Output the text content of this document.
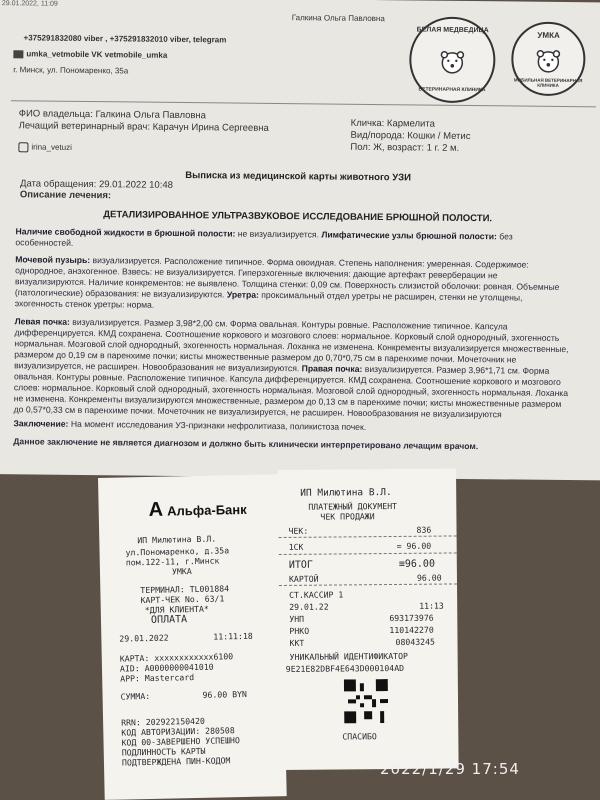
29.01.2022, 11:09
Галкина Ольга Павловна
+375291832080 viber , +375291832010 viber, telegram
umka_vetmobile VK vetmobile_umka
г. Минск, ул. Пономаренко, 35а
БЕЛАЯ МЕДВЕДИЦА
ВЕТЕРИНАРНАЯ КЛИНИКА
УМКА
МОБИЛЬНАЯ ВЕТЕРИНАРНАЯ КЛИНИКА
ФИО владельца: Галкина Ольга Павловна
Лечащий ветеринарный врач: Карачун Ирина Сергеевна	Кличка: Кармелита
Вид/порода: Кошки / Метис
Пол: Ж, возраст: 1 г. 2 м.
irina_vetuzi
Выписка из медицинской карты животного УЗИ
Дата обращения: 29.01.2022 10:48
Описание лечения:
ДЕТАЛИЗИРОВАННОЕ УЛЬТРАЗВУКОВОЕ ИССЛЕДОВАНИЕ БРЮШНОЙ ПОЛОСТИ.
Наличие свободной жидкости в брюшной полости: не визуализируется. Лимфатические узлы брюшной полости: без особенностей.
Мочевой пузырь: визуализируется. Расположение типичное. Форма овоидная. Степень наполнения: умеренная. Содержимое: однородное, анэхогенное. Взвесь: не визуализируется. Гиперэхогенные включения: дающие артефакт реверберации не визуализируются. Наличие конкрементов: не выявлено. Толщина стенки: 0,09 см. Поверхность слизистой оболочки: ровная. Объемные (патологические) образования: не визуализируются. Уретра: проксимальный отдел уретры не расширен, стенки не утолщены, эхогенность стенок уретры: норма.
Левая почка: визуализируется. Размер 3,98*2,00 см. Форма овальная. Контуры ровные. Расположение типичное. Капсула дифференцируется. КМД сохранена. Соотношение коркового и мозгового слоев: нормальное. Корковый слой однородный, эхогенность нормальная. Мозговой слой однородный, эхогенность нормальная. Лоханка не изменена. Конкременты визуализируется множественные, размером до 0,19 см в паренхиме почки; кисты множественные размером до 0,70*0,75 см в паренхиме почки. Мочеточник не визуализируется, не расширен. Новообразования не визуализируются. Правая почка: визуализируется. Размер 3,96*1,71 см. Форма овальная. Контуры ровные. Расположение типичное. Капсула дифференцируется. КМД сохранена. Соотношение коркового и мозгового слоев: нормальное. Корковый слой однородный, эхогенность нормальная. Мозговой слой однородный, эхогенность нормальная. Лоханка не изменена. Конкременты визуализируются множественные, размером до 0,13 см в паренхиме почки; кисты множественные размером до 0,57*0,33 см в паренхиме почки. Мочеточник не визуализируется, не расширен. Новообразования не визуализируются
Заключение: На момент исследования УЗ-признаки нефролитиаза, поликистоза почек.
Данное заключение не является диагнозом и должно быть клинически интерпретировано лечащим врачом.
А Альфа-Банк
ИП Милютина В.Л.
ул.Пономаренко, д.35а
пом.122-11, г.Минск
УМКА
ТЕРМИНАЛ: TL001884
КАРТ-ЧЕК No. 63/1
*ДЛЯ КЛИЕНТА*
ОПЛАТА
29.01.2022	11:11:18
КАРТА: xxxxxxxxxxxx6100
AID: A0000000041010
APP: Mastercard
СУММА:	96.00 BYN
RRN: 202922150420
КОД АВТОРИЗАЦИИ: 280508
КОД 00-ЗАВЕРШЕНО УСПЕШНО
ПОДЛИННОСТЬ КАРТЫ
ПОДТВЕРЖДЕНА ПИН-КОДОМ
ИП Милютина В.Л.
ПЛАТЕЖНЫЙ ДОКУМЕНТ
ЧЕК ПРОДАЖИ
ЧЕК:	836
1СК	= 96.00
ИТОГ	≡96.00
КАРТОЙ	96.00
СТ.КАССИР 1
29.01.22	11:13
УНП	693173976
РНКО	110142270
ККТ	08043245
УНИКАЛЬНЫЙ ИДЕНТИФИКАТОР
9E21E82DBF4E643D000104AD
СПАСИБО
2022/1/29 17:54
